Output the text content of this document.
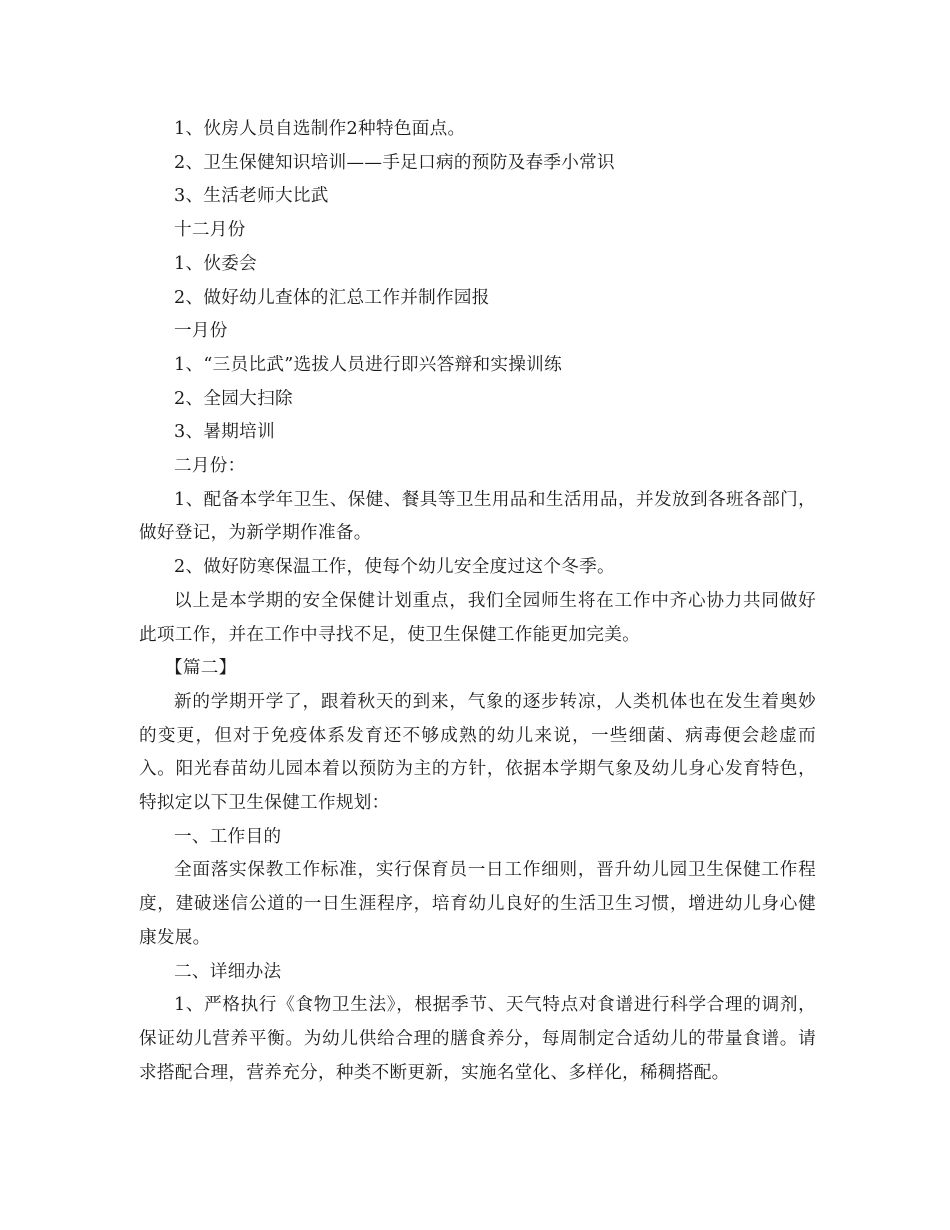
1、伙房人员自选制作2种特色面点。

2、卫生保健知识培训——手足口病的预防及春季小常识

3、生活老师大比武

十二月份

1、伙委会

2、做好幼儿查体的汇总工作并制作园报

一月份

1、“三员比武”选拔人员进行即兴答辩和实操训练

2、全园大扫除

3、暑期培训

二月份：

1、配备本学年卫生、保健、餐具等卫生用品和生活用品，并发放到各班各部门，做好登记，为新学期作准备。

2、做好防寒保温工作，使每个幼儿安全度过这个冬季。

以上是本学期的安全保健计划重点，我们全园师生将在工作中齐心协力共同做好此项工作，并在工作中寻找不足，使卫生保健工作能更加完美。

【篇二】

新的学期开学了，跟着秋天的到来，气象的逐步转凉，人类机体也在发生着奥妙的变更，但对于免疫体系发育还不够成熟的幼儿来说，一些细菌、病毒便会趁虚而入。阳光春苗幼儿园本着以预防为主的方针，依据本学期气象及幼儿身心发育特色，特拟定以下卫生保健工作规划：

一、工作目的

全面落实保教工作标准，实行保育员一日工作细则，晋升幼儿园卫生保健工作程度，建破迷信公道的一日生涯程序，培育幼儿良好的生活卫生习惯，增进幼儿身心健康发展。

二、详细办法

1、严格执行《食物卫生法》，根据季节、天气特点对食谱进行科学合理的调剂，保证幼儿营养平衡。为幼儿供给合理的膳食养分，每周制定合适幼儿的带量食谱。请求搭配合理，营养充分，种类不断更新，实施名堂化、多样化，稀稠搭配。
